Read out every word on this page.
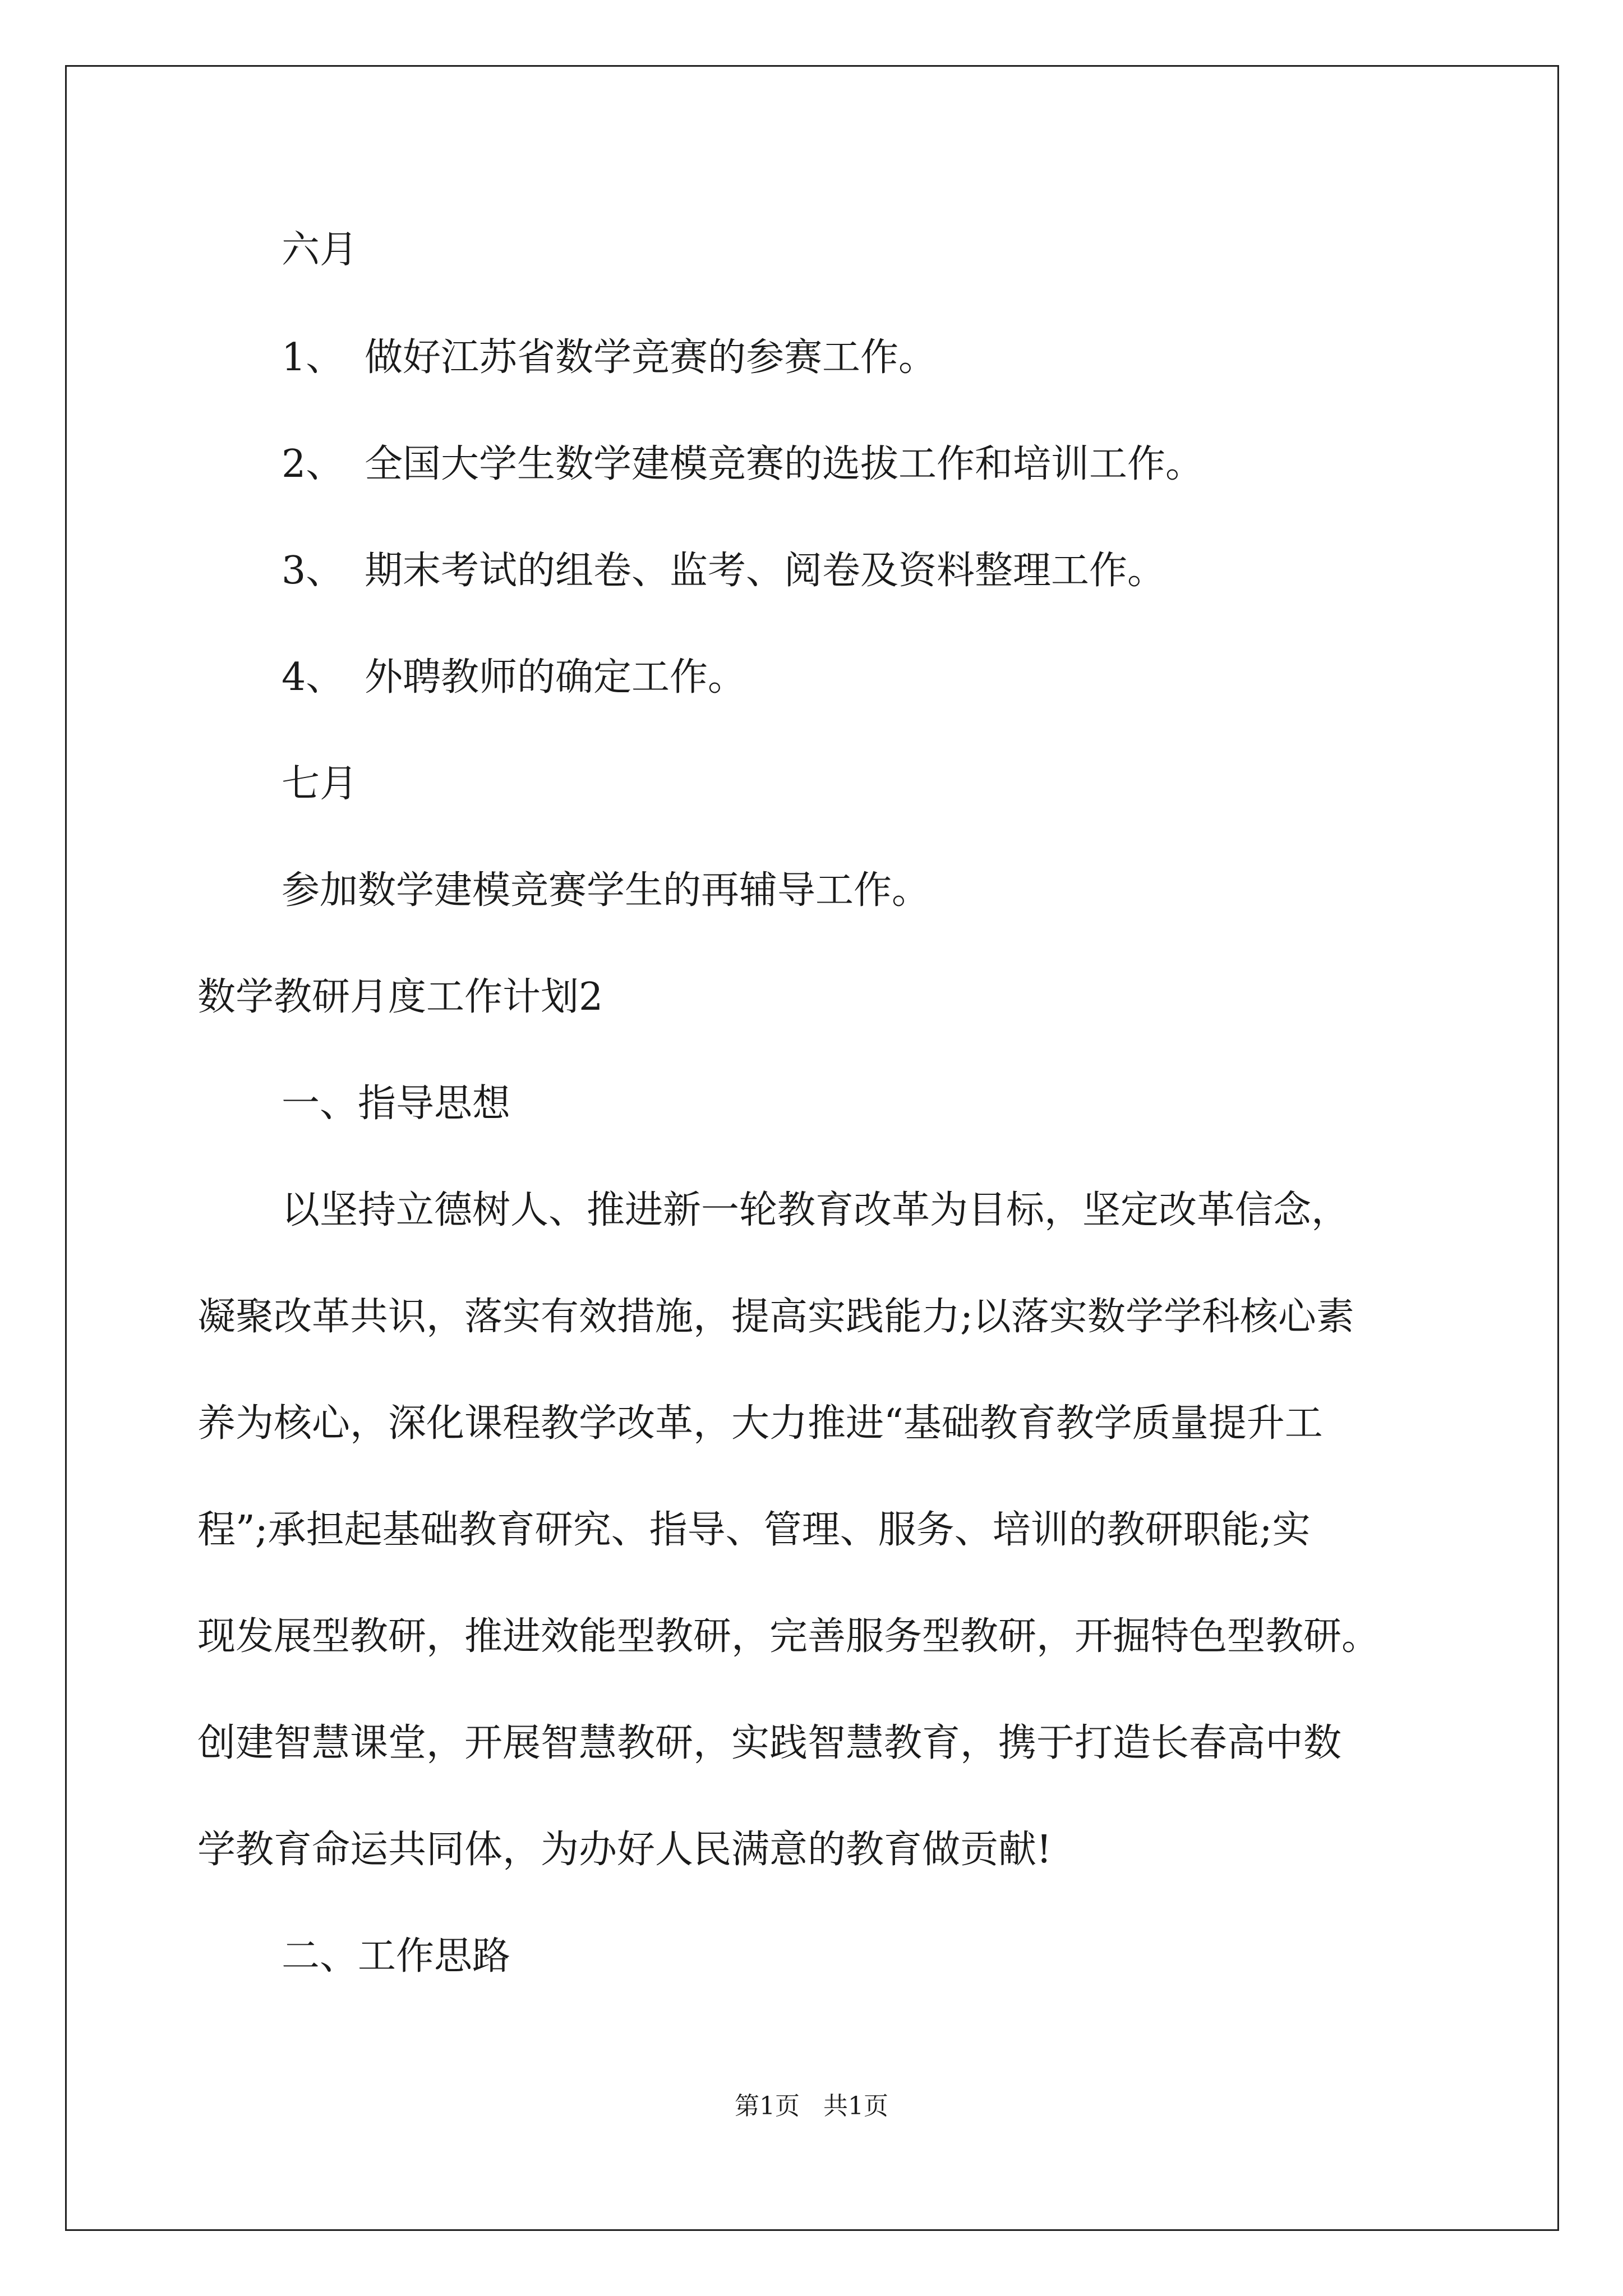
六月
1、 做好江苏省数学竞赛的参赛工作。
2、 全国大学生数学建模竞赛的选拔工作和培训工作。
3、 期末考试的组卷、监考、阅卷及资料整理工作。
4、 外聘教师的确定工作。
七月
参加数学建模竞赛学生的再辅导工作。
数学教研月度工作计划2
一、指导思想
以坚持立德树人、推进新一轮教育改革为目标，坚定改革信念，
凝聚改革共识，落实有效措施，提高实践能力;以落实数学学科核心素
养为核心，深化课程教学改革，大力推进“基础教育教学质量提升工
程”;承担起基础教育研究、指导、管理、服务、培训的教研职能;实
现发展型教研，推进效能型教研，完善服务型教研，开掘特色型教研。
创建智慧课堂，开展智慧教研，实践智慧教育，携于打造长春高中数
学教育命运共同体，为办好人民满意的教育做贡献!
二、工作思路
第1页   共1页
